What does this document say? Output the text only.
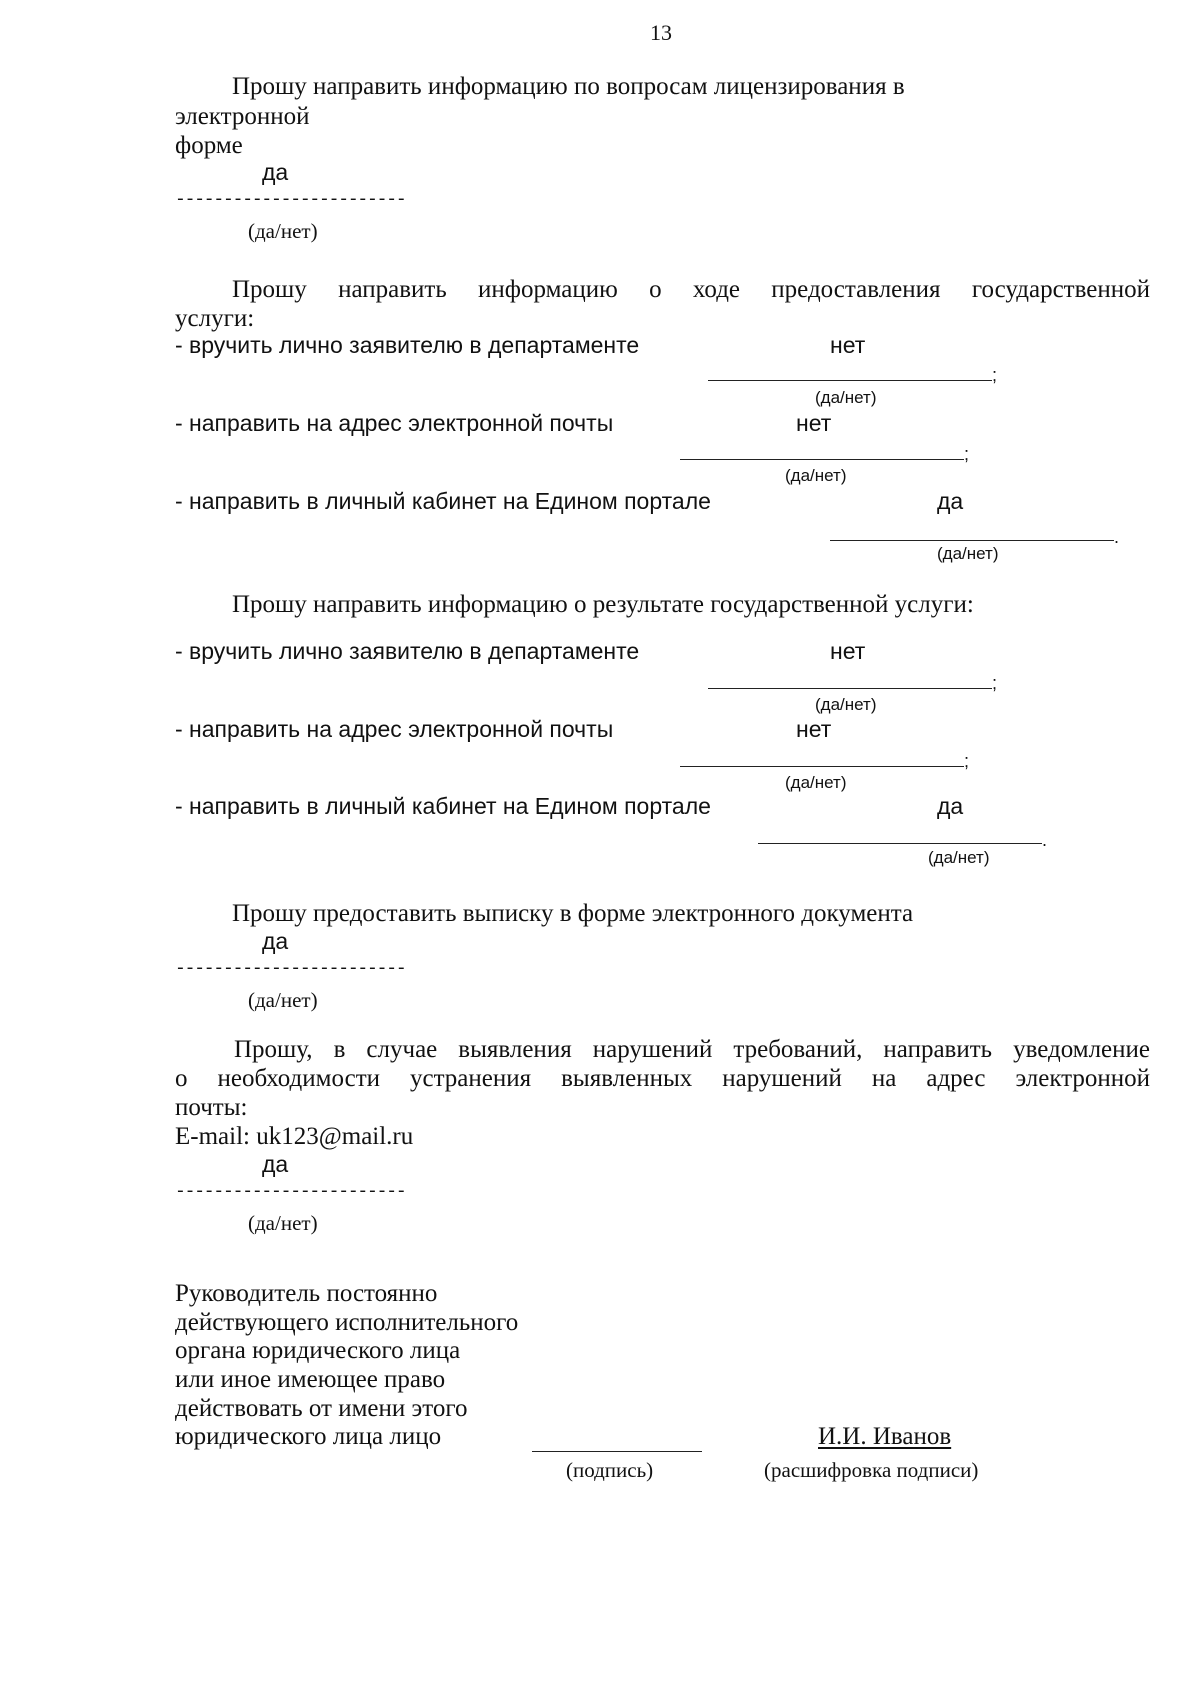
13
Прошу направить информацию по вопросам лицензирования в
электронной
форме
да
------------------------
(да/нет)
Прошу направить информацию о ходе предоставления государственной
услуги:
- вручить лично заявителю в департаменте	нет
;
(да/нет)
- направить на адрес электронной почты	нет
;
(да/нет)
- направить в личный кабинет на Едином портале	да
.
(да/нет)
Прошу направить информацию о результате государственной услуги:
- вручить лично заявителю в департаменте	нет
;
(да/нет)
- направить на адрес электронной почты	нет
;
(да/нет)
- направить в личный кабинет на Едином портале	да
.
(да/нет)
Прошу предоставить выписку в форме электронного документа
да
------------------------
(да/нет)
Прошу, в случае выявления нарушений требований, направить уведомление
о необходимости устранения выявленных нарушений на адрес электронной
почты:
E-mail: uk123@mail.ru
да
------------------------
(да/нет)
Руководитель постоянно
действующего исполнительного
органа юридического лица
или иное имеющее право
действовать от имени этого
юридического лица лицо
(подпись)
И.И. Иванов
(расшифровка подписи)
